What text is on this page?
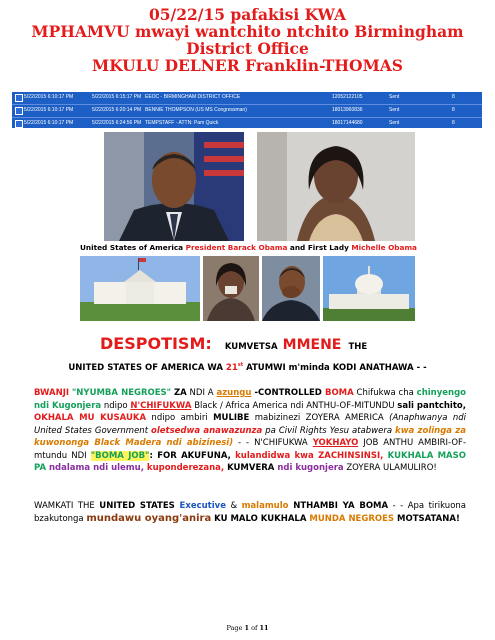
05/22/15 pafakisi KWA
MPHAMVU mwayi wantchito ntchito Birmingham
District Office
MKULU DELNER Franklin-THOMAS
5/22/2015 6:10:17 PM	5/22/2015 6:15:17 PM EEOC - BIRMINGHAM DISTRICT OFFICE	12052122105	Sent	8
5/22/2015 6:10:17 PM	5/22/2015 6:20:14 PM BENNIE THOMPSON (US MS Congressman)	18013960836	Sent	8
5/22/2015 6:10:17 PM	5/22/2015 6:24:56 PM TEMPSTAFF - ATTN: Pam Quick	18017144680	Sent	8
United States of America President Barack Obama and First Lady Michelle Obama
DESPOTISM: KUMVETSA MMENE THE
UNITED STATES OF AMERICA WA 21st ATUMWI m'minda KODI ANATHAWA - -
BWANJI "NYUMBA NEGROES" ZA NDI A azungu -CONTROLLED BOMA Chifukwa cha chinyengo ndi Kugonjera ndipo N'CHIFUKWA Black / Africa America ndi ANTHU-OF-MITUNDU sali pantchito, OKHALA MU KUSAUKA ndipo ambiri MULIBE mabizinezi ZOYERA AMERICA (Anaphwanya ndi United States Government oletsedwa anawazunza pa Civil Rights Yesu atabwera kwa zolinga za kuwononga Black Madera ndi abizinesi) - - N'CHIFUKWA YOKHAYO JOB ANTHU AMBIRI-OF-mtundu NDI "BOMA JOB": FOR AKUFUNA, kulandidwa kwa ZACHINSINSI, KUKHALA MASO PA ndalama ndi ulemu, kuponderezana, KUMVERA ndi kugonjera ZOYERA ULAMULIRO!
WAMKATI THE UNITED STATES Executive & malamulo NTHAMBI YA BOMA - - Apa tirikuona bzakutonga mundawu oyang'anira KU MALO KUKHALA MUNDA NEGROES MOTSATANA!
Page 1 of 11
